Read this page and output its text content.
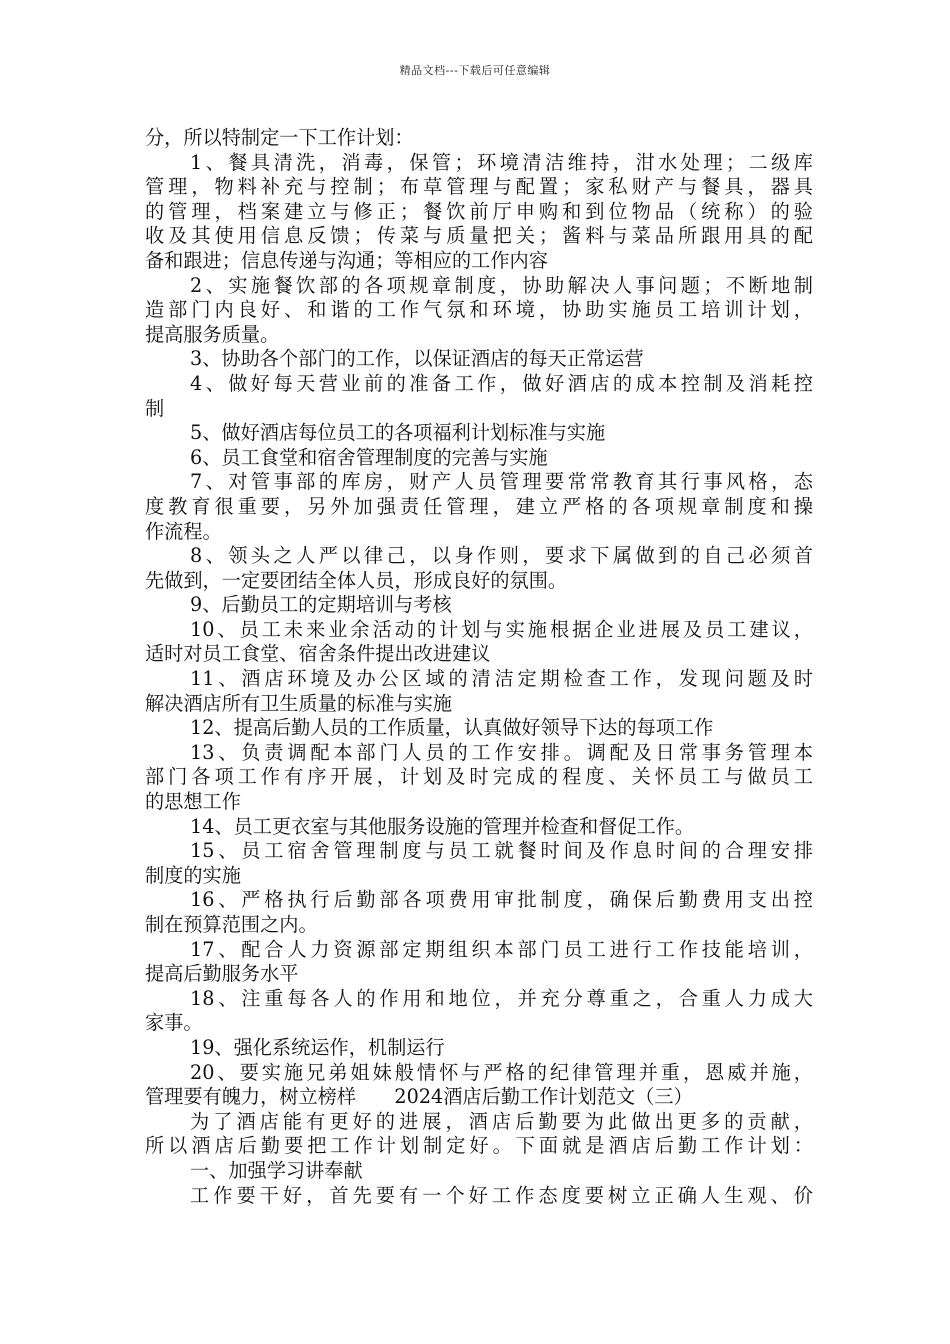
精品文档---下载后可任意编辑
分，所以特制定一下工作计划：
1、餐具清洗，消毒，保管；环境清洁维持，泔水处理；二级库
管理，物料补充与控制；布草管理与配置；家私财产与餐具，器具
的管理，档案建立与修正；餐饮前厅申购和到位物品（统称）的验
收及其使用信息反馈；传菜与质量把关；酱料与菜品所跟用具的配
备和跟进；信息传递与沟通；等相应的工作内容
2、实施餐饮部的各项规章制度，协助解决人事问题；不断地制
造部门内良好、和谐的工作气氛和环境，协助实施员工培训计划，
提高服务质量。
3、协助各个部门的工作，以保证酒店的每天正常运营
4、做好每天营业前的准备工作，做好酒店的成本控制及消耗控
制
5、做好酒店每位员工的各项福利计划标准与实施
6、员工食堂和宿舍管理制度的完善与实施
7、对管事部的库房，财产人员管理要常常教育其行事风格，态
度教育很重要，另外加强责任管理，建立严格的各项规章制度和操
作流程。
8、领头之人严以律己，以身作则，要求下属做到的自己必须首
先做到，一定要团结全体人员，形成良好的氛围。
9、后勤员工的定期培训与考核
10、员工未来业余活动的计划与实施根据企业进展及员工建议，
适时对员工食堂、宿舍条件提出改进建议
11、酒店环境及办公区域的清洁定期检查工作，发现问题及时
解决酒店所有卫生质量的标准与实施
12、提高后勤人员的工作质量，认真做好领导下达的每项工作
13、负责调配本部门人员的工作安排。调配及日常事务管理本
部门各项工作有序开展，计划及时完成的程度、关怀员工与做员工
的思想工作
14、员工更衣室与其他服务设施的管理并检查和督促工作。
15、员工宿舍管理制度与员工就餐时间及作息时间的合理安排
制度的实施
16、严格执行后勤部各项费用审批制度，确保后勤费用支出控
制在预算范围之内。
17、配合人力资源部定期组织本部门员工进行工作技能培训，
提高后勤服务水平
18、注重每各人的作用和地位，并充分尊重之，合重人力成大
家事。
19、强化系统运作，机制运行
20、要实施兄弟姐妹般情怀与严格的纪律管理并重，恩威并施，
管理要有魄力，树立榜样　　2024酒店后勤工作计划范文（三）
为了酒店能有更好的进展，酒店后勤要为此做出更多的贡献，
所以酒店后勤要把工作计划制定好。下面就是酒店后勤工作计划：
一、加强学习讲奉献
工作要干好，首先要有一个好工作态度要树立正确人生观、价
